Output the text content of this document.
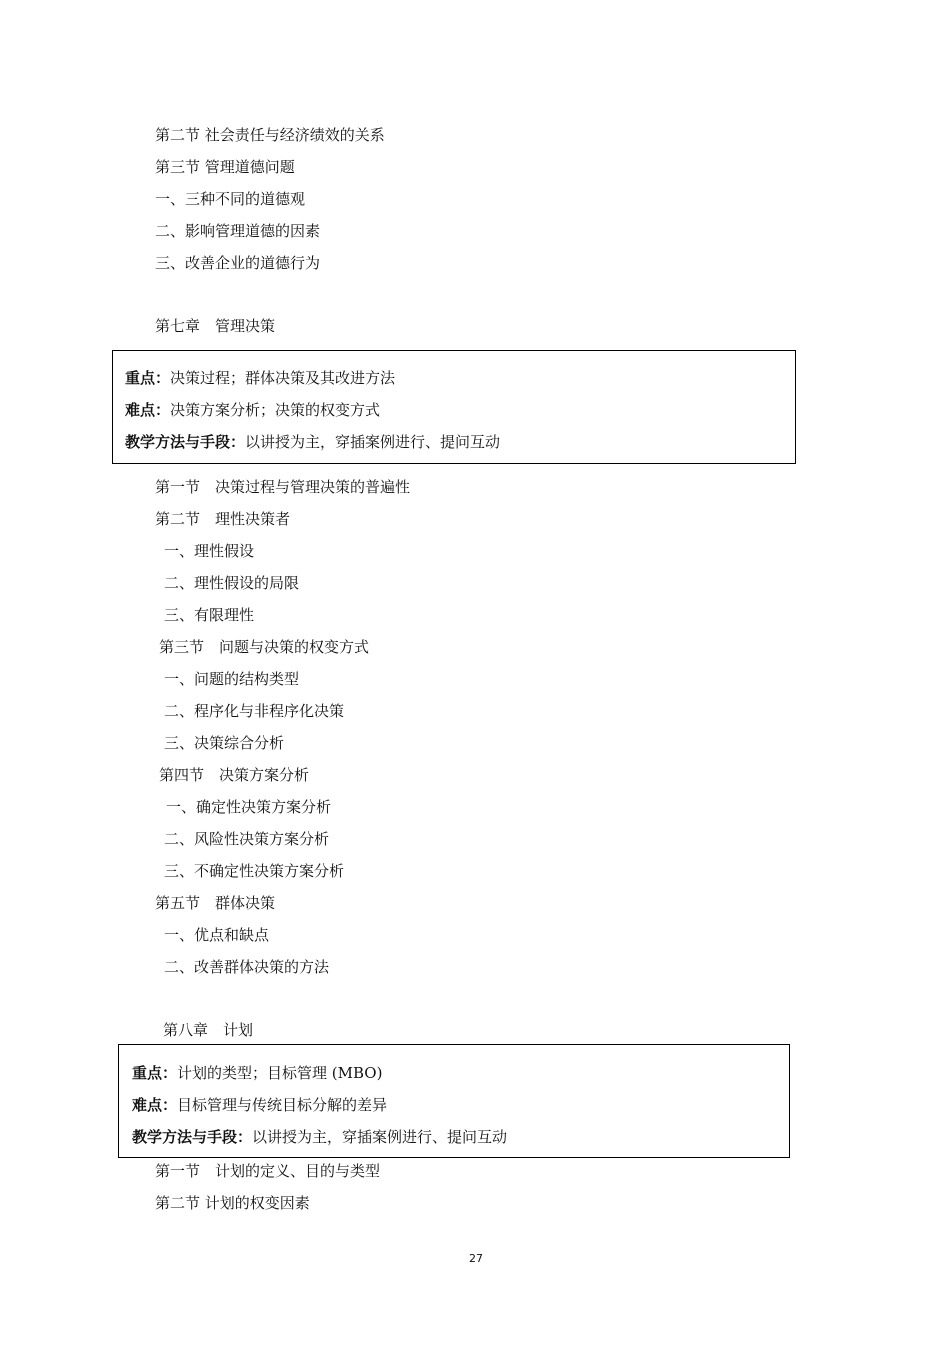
第二节 社会责任与经济绩效的关系
第三节 管理道德问题
一、三种不同的道德观
二、影响管理道德的因素
三、改善企业的道德行为
第七章　管理决策
重点：决策过程；群体决策及其改进方法
难点：决策方案分析；决策的权变方式
教学方法与手段：以讲授为主，穿插案例进行、提问互动
第一节　决策过程与管理决策的普遍性
第二节　理性决策者
一、理性假设
二、理性假设的局限
三、有限理性
第三节　问题与决策的权变方式
一、问题的结构类型
二、程序化与非程序化决策
三、决策综合分析
第四节　决策方案分析
一、确定性决策方案分析
二、风险性决策方案分析
三、不确定性决策方案分析
第五节　群体决策
一、优点和缺点
二、改善群体决策的方法
第八章　计划
重点：计划的类型；目标管理 (MBO)
难点：目标管理与传统目标分解的差异
教学方法与手段：以讲授为主，穿插案例进行、提问互动
第一节　计划的定义、目的与类型
第二节 计划的权变因素
27
